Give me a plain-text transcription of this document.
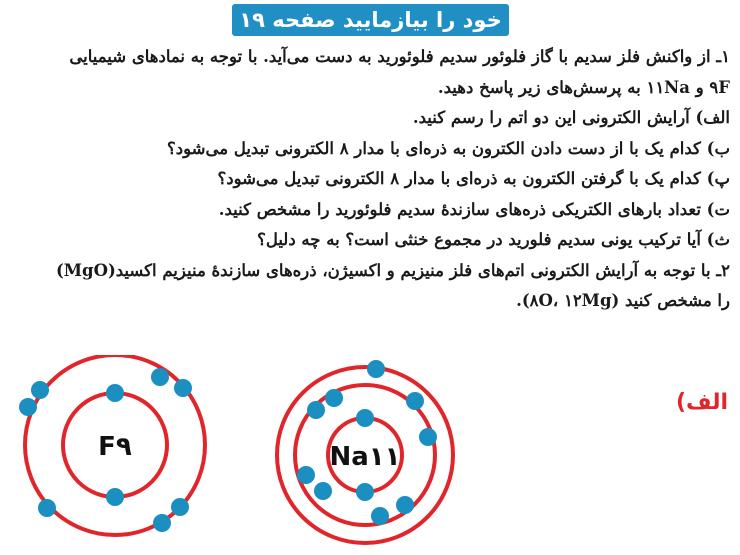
خود را بیازمایید صفحه ۱۹
۱ـ از واکنش فلز سدیم با گاز فلوئور سدیم فلوئورید به دست می‌آید. با توجه به نمادهای شیمیایی
۹F و ۱۱Na به پرسش‌های زیر پاسخ دهید.
الف) آرایش الکترونی این دو اتم را رسم کنید.
ب) کدام یک با از دست دادن الکترون به ذره‌ای با مدار ۸ الکترونی تبدیل می‌شود؟
پ) کدام یک با گرفتن الکترون به ذره‌ای با مدار ۸ الکترونی تبدیل می‌شود؟
ت) تعداد بارهای الکتریکی ذره‌های سازندهٔ سدیم فلوئورید را مشخص کنید.
ث) آیا ترکیب یونی سدیم فلورید در مجموع خنثی است؟ به چه دلیل؟
۲ـ با توجه به آرایش الکترونی اتم‌های فلز منیزیم و اکسیژن، ذره‌های سازندهٔ منیزیم اکسید(MgO)
را مشخص کنید (۸O، ۱۲Mg).
الف)
F۹	Na۱۱
